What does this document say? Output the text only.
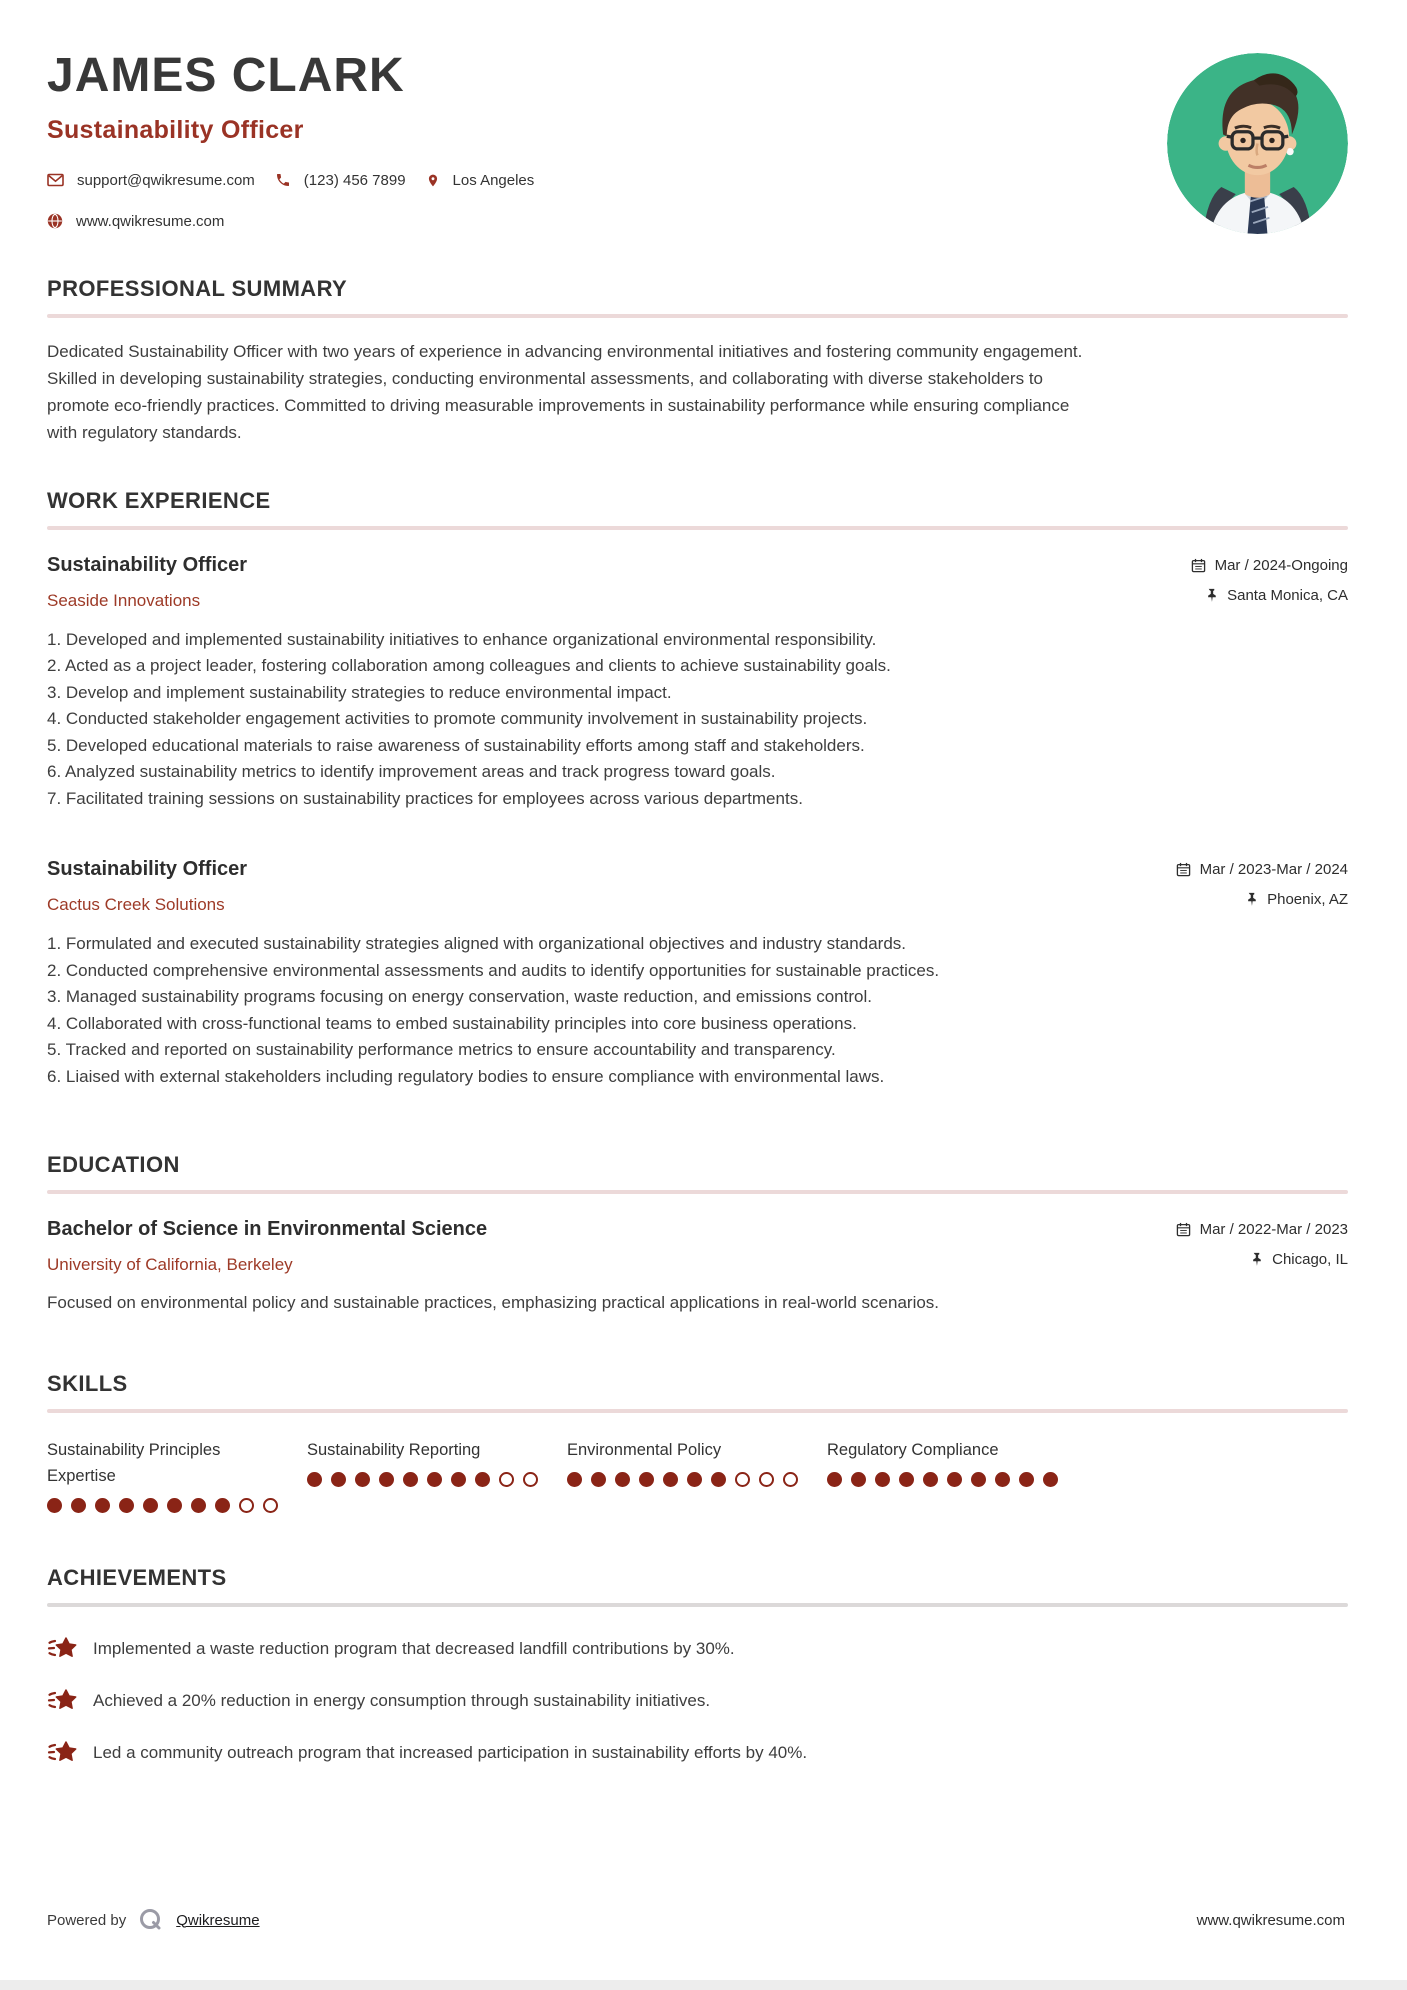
JAMES CLARK
Sustainability Officer
support@qwikresume.com	(123) 456 7899	Los Angeles
www.qwikresume.com
PROFESSIONAL SUMMARY

Dedicated Sustainability Officer with two years of experience in advancing environmental initiatives and fostering community engagement. Skilled in developing sustainability strategies, conducting environmental assessments, and collaborating with diverse stakeholders to promote eco-friendly practices. Committed to driving measurable improvements in sustainability performance while ensuring compliance with regulatory standards.

WORK EXPERIENCE
Sustainability Officer
Seaside Innovations
Mar / 2024-Ongoing
Santa Monica, CA
1. Developed and implemented sustainability initiatives to enhance organizational environmental responsibility.
2. Acted as a project leader, fostering collaboration among colleagues and clients to achieve sustainability goals.
3. Develop and implement sustainability strategies to reduce environmental impact.
4. Conducted stakeholder engagement activities to promote community involvement in sustainability projects.
5. Developed educational materials to raise awareness of sustainability efforts among staff and stakeholders.
6. Analyzed sustainability metrics to identify improvement areas and track progress toward goals.
7. Facilitated training sessions on sustainability practices for employees across various departments.
Sustainability Officer
Cactus Creek Solutions
Mar / 2023-Mar / 2024
Phoenix, AZ
1. Formulated and executed sustainability strategies aligned with organizational objectives and industry standards.
2. Conducted comprehensive environmental assessments and audits to identify opportunities for sustainable practices.
3. Managed sustainability programs focusing on energy conservation, waste reduction, and emissions control.
4. Collaborated with cross-functional teams to embed sustainability principles into core business operations.
5. Tracked and reported on sustainability performance metrics to ensure accountability and transparency.
6. Liaised with external stakeholders including regulatory bodies to ensure compliance with environmental laws.
EDUCATION
Bachelor of Science in Environmental Science
University of California, Berkeley
Mar / 2022-Mar / 2023
Chicago, IL

Focused on environmental policy and sustainable practices, emphasizing practical applications in real-world scenarios.

SKILLS
Sustainability Principles Expertise
Sustainability Reporting	Environmental Policy	Regulatory Compliance
ACHIEVEMENTS
Implemented a waste reduction program that decreased landfill contributions by 30%.
Achieved a 20% reduction in energy consumption through sustainability initiatives.
Led a community outreach program that increased participation in sustainability efforts by 40%.
Powered by	Qwikresume	www.qwikresume.com
